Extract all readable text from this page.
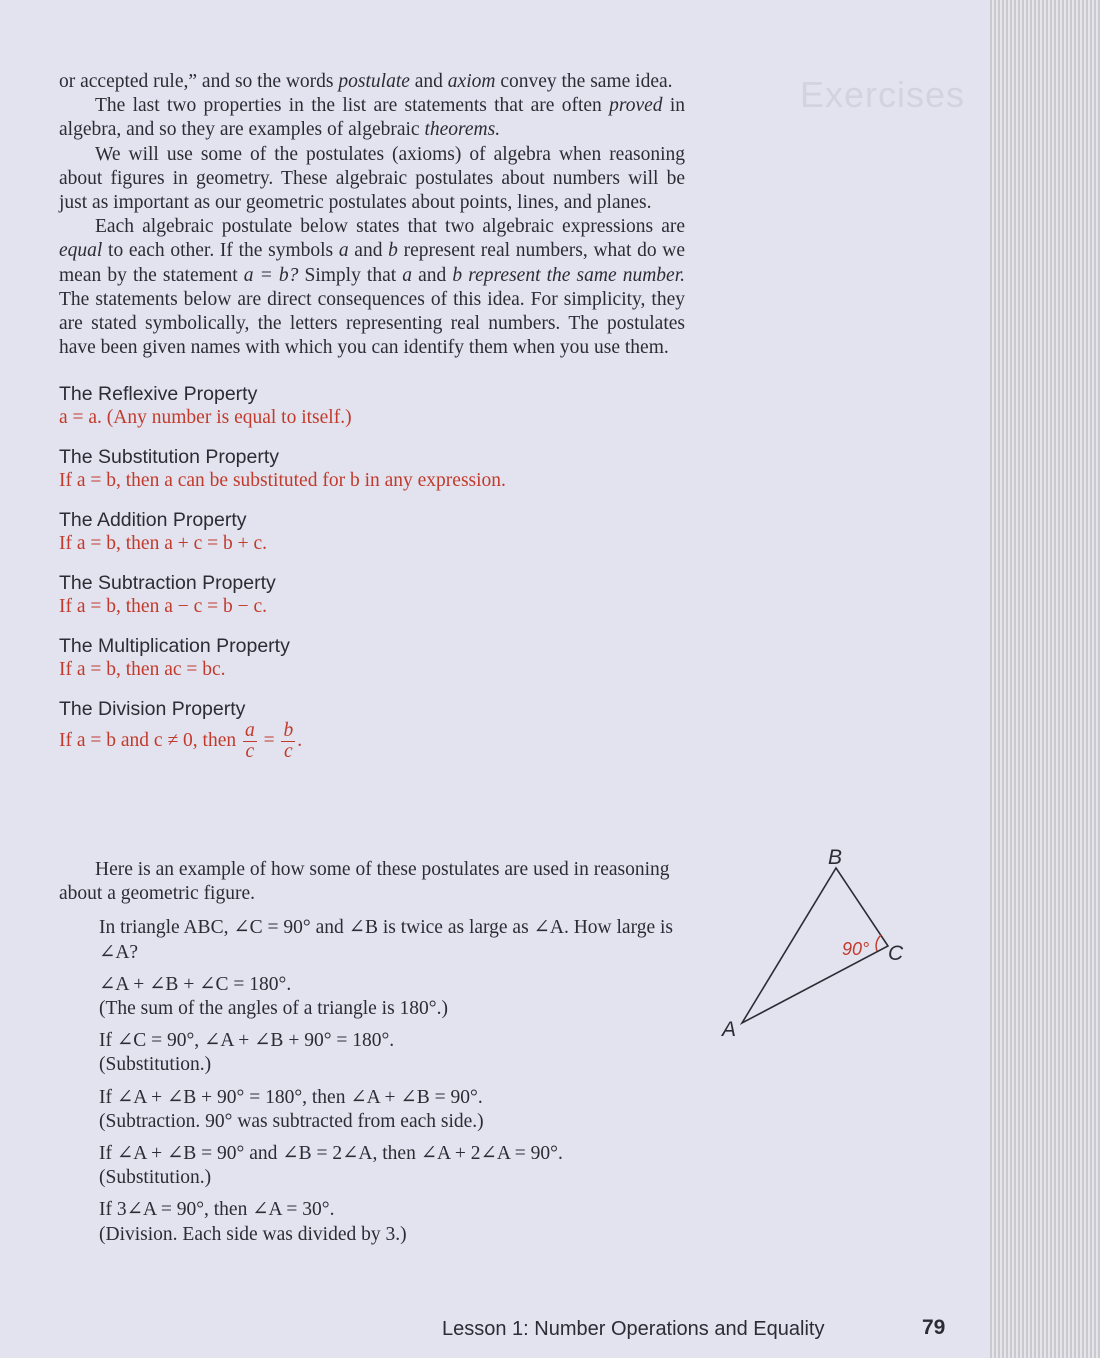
Exercises

or accepted rule,” and so the words postulate and axiom convey the same idea.

The last two properties in the list are statements that are often proved in algebra, and so they are examples of algebraic theorems.

We will use some of the postulates (axioms) of algebra when reasoning about figures in geometry. These algebraic postulates about numbers will be just as important as our geometric postulates about points, lines, and planes.

Each algebraic postulate below states that two algebraic expressions are equal to each other. If the symbols a and b represent real numbers, what do we mean by the statement a = b? Simply that a and b represent the same number. The statements below are direct consequences of this idea. For simplicity, they are stated symbolically, the letters representing real numbers. The postulates have been given names with which you can identify them when you use them.

The Reflexive Property
a = a. (Any number is equal to itself.)
The Substitution Property
If a = b, then a can be substituted for b in any expression.
The Addition Property
If a = b, then a + c = b + c.
The Subtraction Property
If a = b, then a − c = b − c.
The Multiplication Property
If a = b, then ac = bc.
The Division Property
If a = b and c ≠ 0, then $\frac{a}{c} = \frac{b}{c}$ .

Here is an example of how some of these postulates are used in reasoning about a geometric figure.

In triangle ABC, ∠C = 90° and ∠B is twice as large as ∠A. How large is ∠A?

∠A + ∠B + ∠C = 180°.

(The sum of the angles of a triangle is 180°.)

If ∠C = 90°, ∠A + ∠B + 90° = 180°.

(Substitution.)

If ∠A + ∠B + 90° = 180°, then ∠A + ∠B = 90°.

(Subtraction. 90° was subtracted from each side.)

If ∠A + ∠B = 90° and ∠B = 2∠A, then ∠A + 2∠A = 90°.

(Substitution.)

If 3∠A = 90°, then ∠A = 30°.

(Division. Each side was divided by 3.)

B
C
A
90°
Lesson 1: Number Operations and Equality	79
